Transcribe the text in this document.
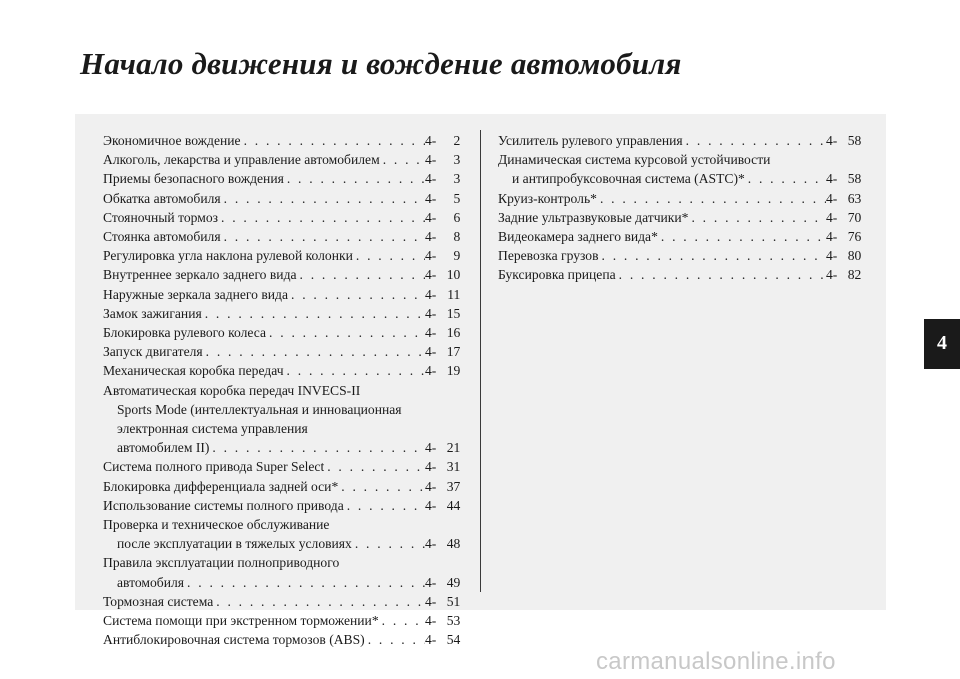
Начало движения и вождение автомобиля
Экономичное вождение . . .	4- 2
Алкоголь, лекарства и управление автомобилем . . .	4- 3
Приемы безопасного вождения . . .	4- 3
Обкатка автомобиля . . .	4- 5
Стояночный тормоз . . .	4- 6
Стоянка автомобиля . . .	4- 8
Регулировка угла наклона рулевой колонки . . .	4- 9
Внутреннее зеркало заднего вида . . .	4- 10
Наружные зеркала заднего вида . . .	4- 11
Замок зажигания . . .	4- 15
Блокировка рулевого колеса . . .	4- 16
Запуск двигателя . . .	4- 17
Механическая коробка передач . . .	4- 19
Автоматическая коробка передач INVECS-II
Sports Mode (интеллектуальная и инновационная
электронная система управления
автомобилем II) . . .	4- 21
Система полного привода Super Select . . .	4- 31
Блокировка дифференциала задней оси* . . .	4- 37
Использование системы полного привода . . .	4- 44
Проверка и техническое обслуживание
после эксплуатации в тяжелых условиях . . .	4- 48
Правила эксплуатации полноприводного
автомобиля . . .	4- 49
Тормозная система . . .	4- 51
Система помощи при экстренном торможении* . . .	4- 53
Антиблокировочная система тормозов (ABS) . . .	4- 54
Усилитель рулевого управления . . .	4- 58
Динамическая система курсовой устойчивости
и антипробуксовочная система (ASTC)* . . .	4- 58
Круиз-контроль* . . .	4- 63
Задние ультразвуковые датчики* . . .	4- 70
Видеокамера заднего вида* . . .	4- 76
Перевозка грузов . . .	4- 80
Буксировка прицепа . . .	4- 82
4
carmanualsonline.info
